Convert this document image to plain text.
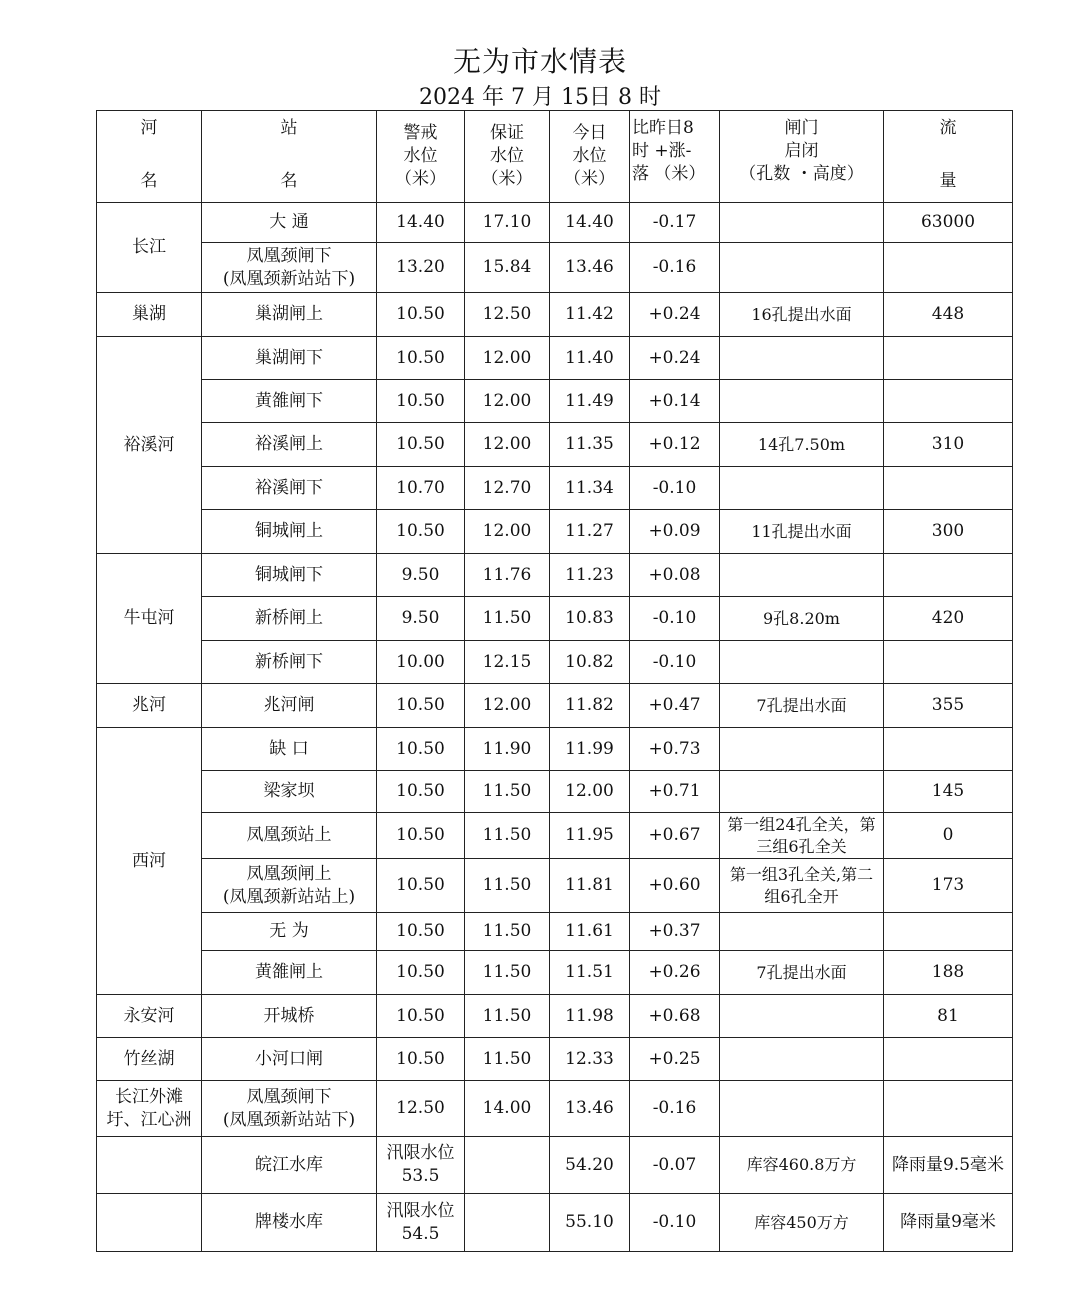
无为市水情表
2024 年 7 月 15日 8 时
河
名	站
名	警戒
水位
（米）	保证
水位
（米）	今日
水位
（米）	比昨日8
时 +涨-
落 （米）	闸门
启闭
（孔数 ・高度）	流
量

长江	大 通	14.40	17.10	14.40	-0.17		63000

	凤凰颈闸下
(凤凰颈新站站下)	13.20	15.84	13.46	-0.16		
巢湖	巢湖闸上	10.50	12.50	11.42	+0.24	16孔提出水面	448
裕溪河	巢湖闸下	10.50	12.00	11.40	+0.24		

	黄雒闸下	10.50	12.00	11.49	+0.14		

	裕溪闸上	10.50	12.00	11.35	+0.12	14孔7.50m	310

	裕溪闸下	10.70	12.70	11.34	-0.10		

	铜城闸上	10.50	12.00	11.27	+0.09	11孔提出水面	300
牛屯河	铜城闸下	9.50	11.76	11.23	+0.08		

	新桥闸上	9.50	11.50	10.83	-0.10	9孔8.20m	420

	新桥闸下	10.00	12.15	10.82	-0.10		
兆河	兆河闸	10.50	12.00	11.82	+0.47	7孔提出水面	355
西河	缺 口	10.50	11.90	11.99	+0.73		

	梁家坝	10.50	11.50	12.00	+0.71		145

	凤凰颈站上	10.50	11.50	11.95	+0.67	第一组24孔全关，第三组6孔全关	0

	凤凰颈闸上
(凤凰颈新站站上)	10.50	11.50	11.81	+0.60	第一组3孔全关,第二组6孔全开	173

	无 为	10.50	11.50	11.61	+0.37		

	黄雒闸上	10.50	11.50	11.51	+0.26	7孔提出水面	188
永安河	开城桥	10.50	11.50	11.98	+0.68		81
竹丝湖	小河口闸	10.50	11.50	12.33	+0.25		
长江外滩圩、江心洲	凤凰颈闸下
(凤凰颈新站站下)	12.50	14.00	13.46	-0.16		

	皖江水库	汛限水位53.5		54.20	-0.07	库容460.8万方	降雨量9.5毫米

	牌楼水库	汛限水位54.5		55.10	-0.10	库容450万方	降雨量9毫米
